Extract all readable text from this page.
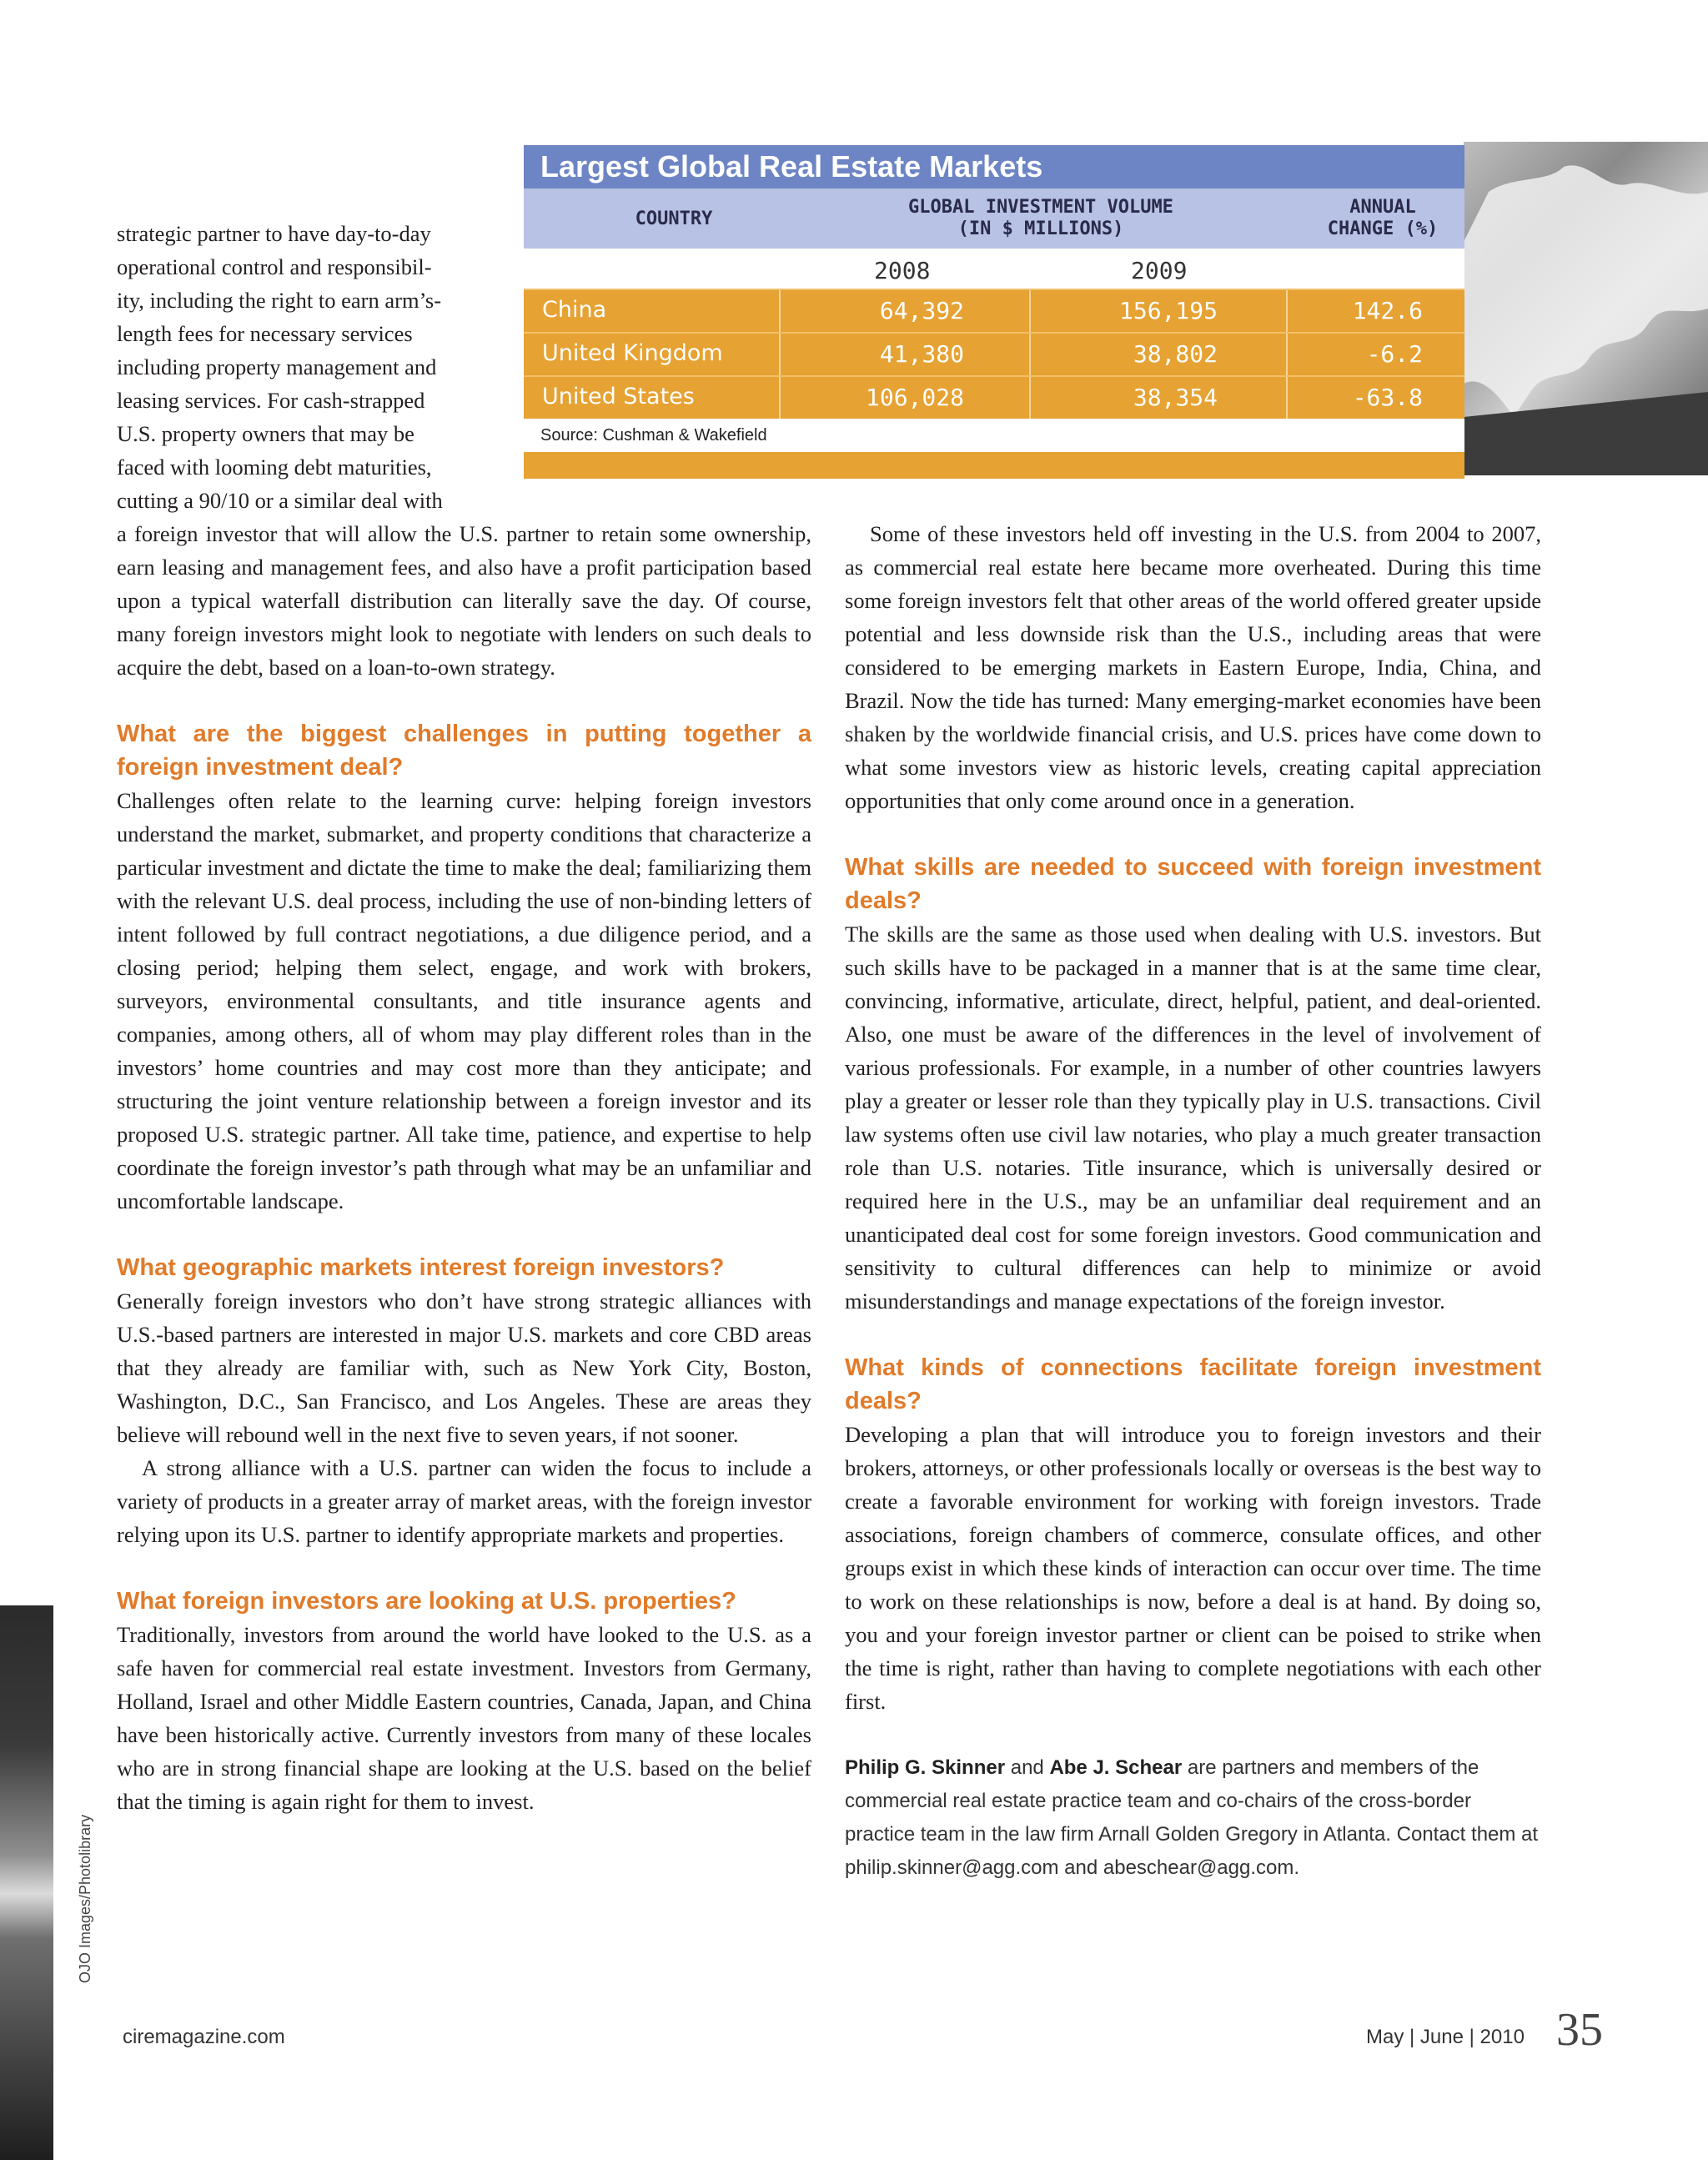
OJO Images/Photolibrary
Largest Global Real Estate Markets
COUNTRY
GLOBAL INVESTMENT VOLUME
(IN $ MILLIONS)
ANNUAL
CHANGE (%)
2008	2009
China	64,392	156,195	142.6
United Kingdom	41,380	38,802	-6.2
United States	106,028	38,354	-63.8
Source: Cushman & Wakefield

strategic partner to have day-to-day

operational control and responsibil-

ity, including the right to earn arm’s-

length fees for necessary services

including property management and

leasing services. For cash-strapped

U.S. property owners that may be

faced with looming debt maturities,

cutting a 90/10 or a similar deal with

a foreign investor that will allow the U.S. partner to retain some ownership, earn leasing and management fees, and also have a profit participation based upon a typical waterfall distribution can literally save the day. Of course, many foreign investors might look to negotiate with lenders on such deals to acquire the debt, based on a loan-to-own strategy.

What are the biggest challenges in putting together a foreign investment deal?

Challenges often relate to the learning curve: helping foreign investors understand the market, submarket, and property conditions that characterize a particular investment and dictate the time to make the deal; familiarizing them with the relevant U.S. deal process, including the use of non-binding letters of intent followed by full contract negotiations, a due diligence period, and a closing period; helping them select, engage, and work with brokers, surveyors, environmental consultants, and title insurance agents and companies, among others, all of whom may play different roles than in the investors’ home countries and may cost more than they anticipate; and structuring the joint venture relationship between a foreign investor and its proposed U.S. strategic partner. All take time, patience, and expertise to help coordinate the foreign investor’s path through what may be an unfamiliar and uncomfortable landscape.

What geographic markets interest foreign investors?

Generally foreign investors who don’t have strong strategic alliances with U.S.-based partners are interested in major U.S. markets and core CBD areas that they already are familiar with, such as New York City, Boston, Washington, D.C., San Francisco, and Los Angeles. These are areas they believe will rebound well in the next five to seven years, if not sooner.

A strong alliance with a U.S. partner can widen the focus to include a variety of products in a greater array of market areas, with the foreign investor relying upon its U.S. partner to identify appropriate markets and properties.

What foreign investors are looking at U.S. properties?

Traditionally, investors from around the world have looked to the U.S. as a safe haven for commercial real estate investment. Investors from Germany, Holland, Israel and other Middle Eastern countries, Canada, Japan, and China have been historically active. Currently investors from many of these locales who are in strong financial shape are looking at the U.S. based on the belief that the timing is again right for them to invest.

Some of these investors held off investing in the U.S. from 2004 to 2007, as commercial real estate here became more overheated. During this time some foreign investors felt that other areas of the world offered greater upside potential and less downside risk than the U.S., including areas that were considered to be emerging markets in Eastern Europe, India, China, and Brazil. Now the tide has turned: Many emerging-market economies have been shaken by the worldwide financial crisis, and U.S. prices have come down to what some investors view as historic levels, creating capital appreciation opportunities that only come around once in a generation.

What skills are needed to succeed with foreign investment deals?

The skills are the same as those used when dealing with U.S. investors. But such skills have to be packaged in a manner that is at the same time clear, convincing, informative, articulate, direct, helpful, patient, and deal-oriented. Also, one must be aware of the differences in the level of involvement of various professionals. For example, in a number of other countries lawyers play a greater or lesser role than they typically play in U.S. transactions. Civil law systems often use civil law notaries, who play a much greater transaction role than U.S. notaries. Title insurance, which is universally desired or required here in the U.S., may be an unfamiliar deal requirement and an unanticipated deal cost for some foreign investors. Good communication and sensitivity to cultural differences can help to minimize or avoid misunderstandings and manage expectations of the foreign investor.

What kinds of connections facilitate foreign investment deals?

Developing a plan that will introduce you to foreign investors and their brokers, attorneys, or other professionals locally or overseas is the best way to create a favorable environment for working with foreign investors. Trade associations, foreign chambers of commerce, consulate offices, and other groups exist in which these kinds of interaction can occur over time. The time to work on these relationships is now, before a deal is at hand. By doing so, you and your foreign investor partner or client can be poised to strike when the time is right, rather than having to complete negotiations with each other first.

Philip G. Skinner and Abe J. Schear are partners and members of the commercial real estate practice team and co-chairs of the cross-border practice team in the law firm Arnall Golden Gregory in Atlanta. Contact them at philip.skinner@agg.com and abeschear@agg.com.

ciremagazine.com	May | June | 2010 35
